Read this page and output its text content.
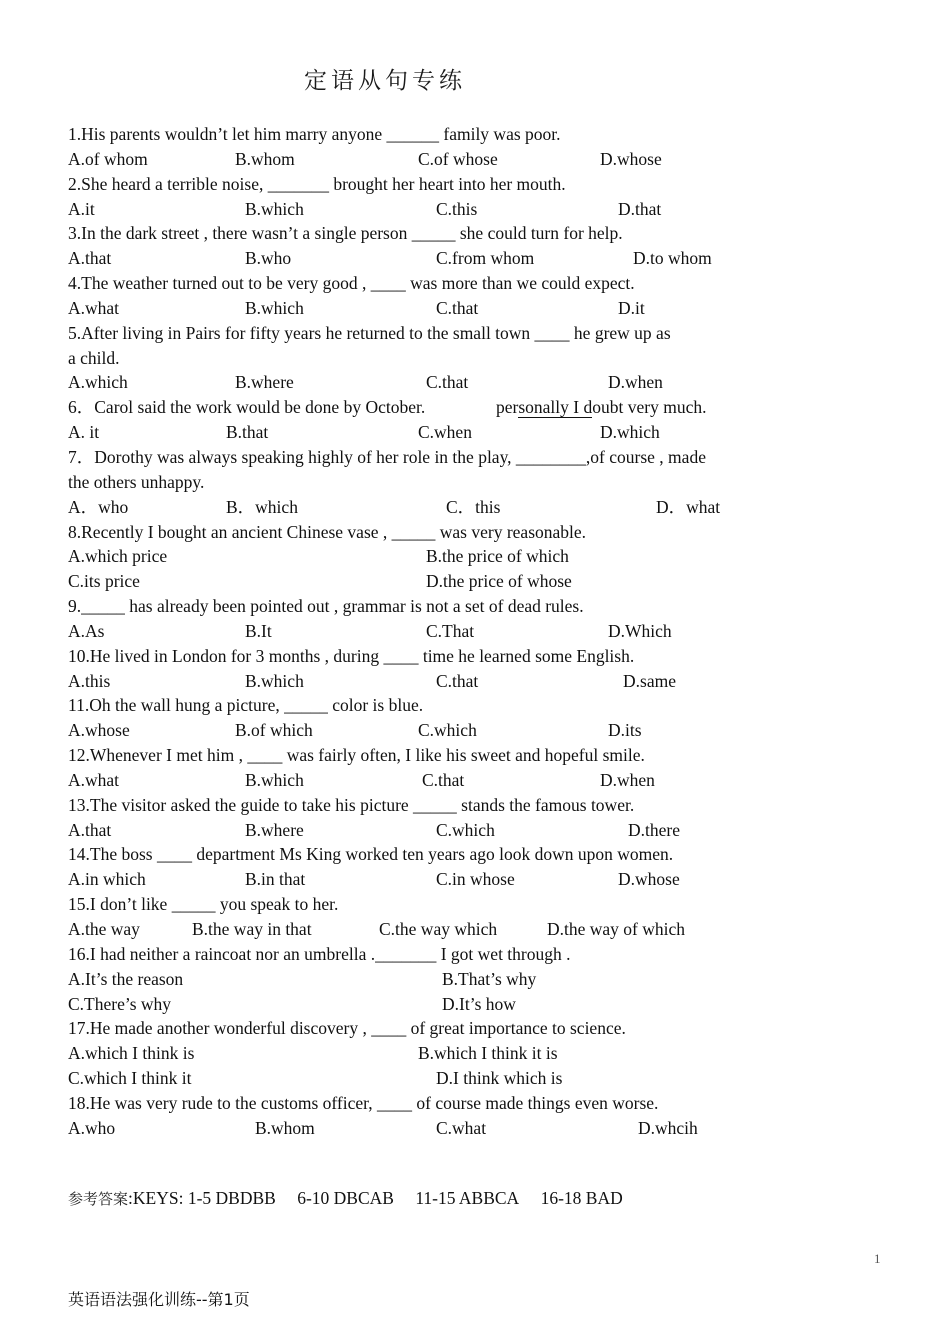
定语从句专练
1.His parents wouldn’t let him marry anyone ______ family was poor.
A.of whom	B.whom	C.of whose	D.whose
2.She heard a terrible noise, _______ brought her heart into her mouth.
A.it	B.which	C.this	D.that
3.In the dark street , there wasn’t a single person _____ she could turn for help.
A.that	B.who	C.from whom	D.to whom
4.The weather turned out to be very good , ____ was more than we could expect.
A.what	B.which	C.that	D.it
5.After living in Pairs for fifty years he returned to the small town ____ he grew up as
a child.
A.which	B.where	C.that	D.when
6．Carol said the work would be done by October.	personally I doubt very much.
A. it	B.that	C.when	D.which
7．Dorothy was always speaking highly of her role in the play, ________,of course , made
the others unhappy.
A．who	B．which	C．this	D．what
8.Recently I bought an ancient Chinese vase , _____ was very reasonable.
A.which price	B.the price of which
C.its price	D.the price of whose
9._____ has already been pointed out , grammar is not a set of dead rules.
A.As	B.It	C.That	D.Which
10.He lived in London for 3 months , during ____ time he learned some English.
A.this	B.which	C.that	D.same
11.Oh the wall hung a picture, _____ color is blue.
A.whose	B.of which	C.which	D.its
12.Whenever I met him , ____ was fairly often, I like his sweet and hopeful smile.
A.what	B.which	C.that	D.when
13.The visitor asked the guide to take his picture _____ stands the famous tower.
A.that	B.where	C.which	D.there
14.The boss ____ department Ms King worked ten years ago look down upon women.
A.in which	B.in that	C.in whose	D.whose
15.I don’t like _____ you speak to her.
A.the way	B.the way in that	C.the way which	D.the way of which
16.I had neither a raincoat nor an umbrella ._______ I got wet through .
A.It’s the reason	B.That’s why
C.There’s why	D.It’s how
17.He made another wonderful discovery , ____ of great importance to science.
A.which I think is	B.which I think it is
C.which I think it	D.I think which is
18.He was very rude to the customs officer, ____ of course made things even worse.
A.who	B.whom	C.what	D.whcih
参考答案:KEYS: 1-5 DBDBB 6-10 DBCAB 11-15 ABBCA 16-18 BAD
1
英语语法强化训练--第1页
